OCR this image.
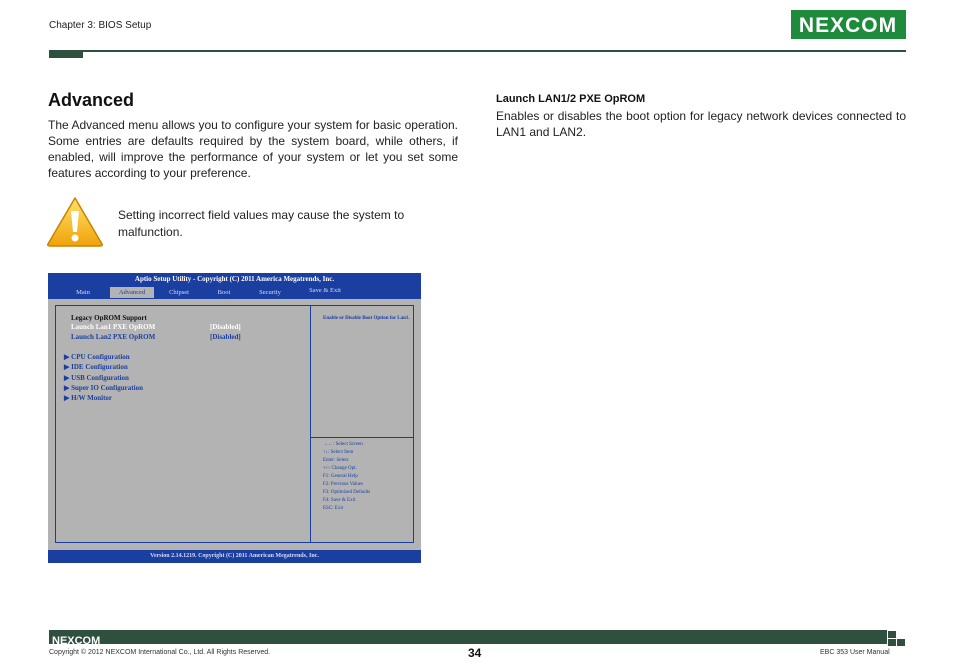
Chapter 3: BIOS Setup	NEXCOM
Advanced
The Advanced menu allows you to configure your system for basic operation. Some entries are defaults required by the system board, while others, if enabled, will improve the performance of your system or let you set some features according to your preference.
Setting incorrect field values may cause the system to malfunction.
Launch LAN1/2 PXE OpROM
Enables or disables the boot option for legacy network devices connected to LAN1 and LAN2.
Aptio Setup Utility - Copyright (C) 2011 America Megatrends, Inc.
Main	Advanced	Chipset	Boot	Security	Save & Exit
Legacy OpROM Support
Launch Lan1 PXE OpROM	[Disabled]
Launch Lan2 PXE OpROM	[Disabled]
▶ CPU Configuration
▶ IDE Configuration
▶ USB Configuration
▶ Super IO Configuration
▶ H/W Monitor
Enable or Disable Boot Option for Lan1.
→←: Select Screen
↑↓: Select Item
Enter: Select
+/-: Change Opt.
F1: General Help
F2: Previous Values
F3: Optimized Defaults
F4: Save & Exit
ESC: Exit
Version 2.14.1219. Copyright (C) 2011 American Megatrends, Inc.
NEXCOM
Copyright © 2012 NEXCOM International Co., Ltd. All Rights Reserved.	34	EBC 353 User Manual
